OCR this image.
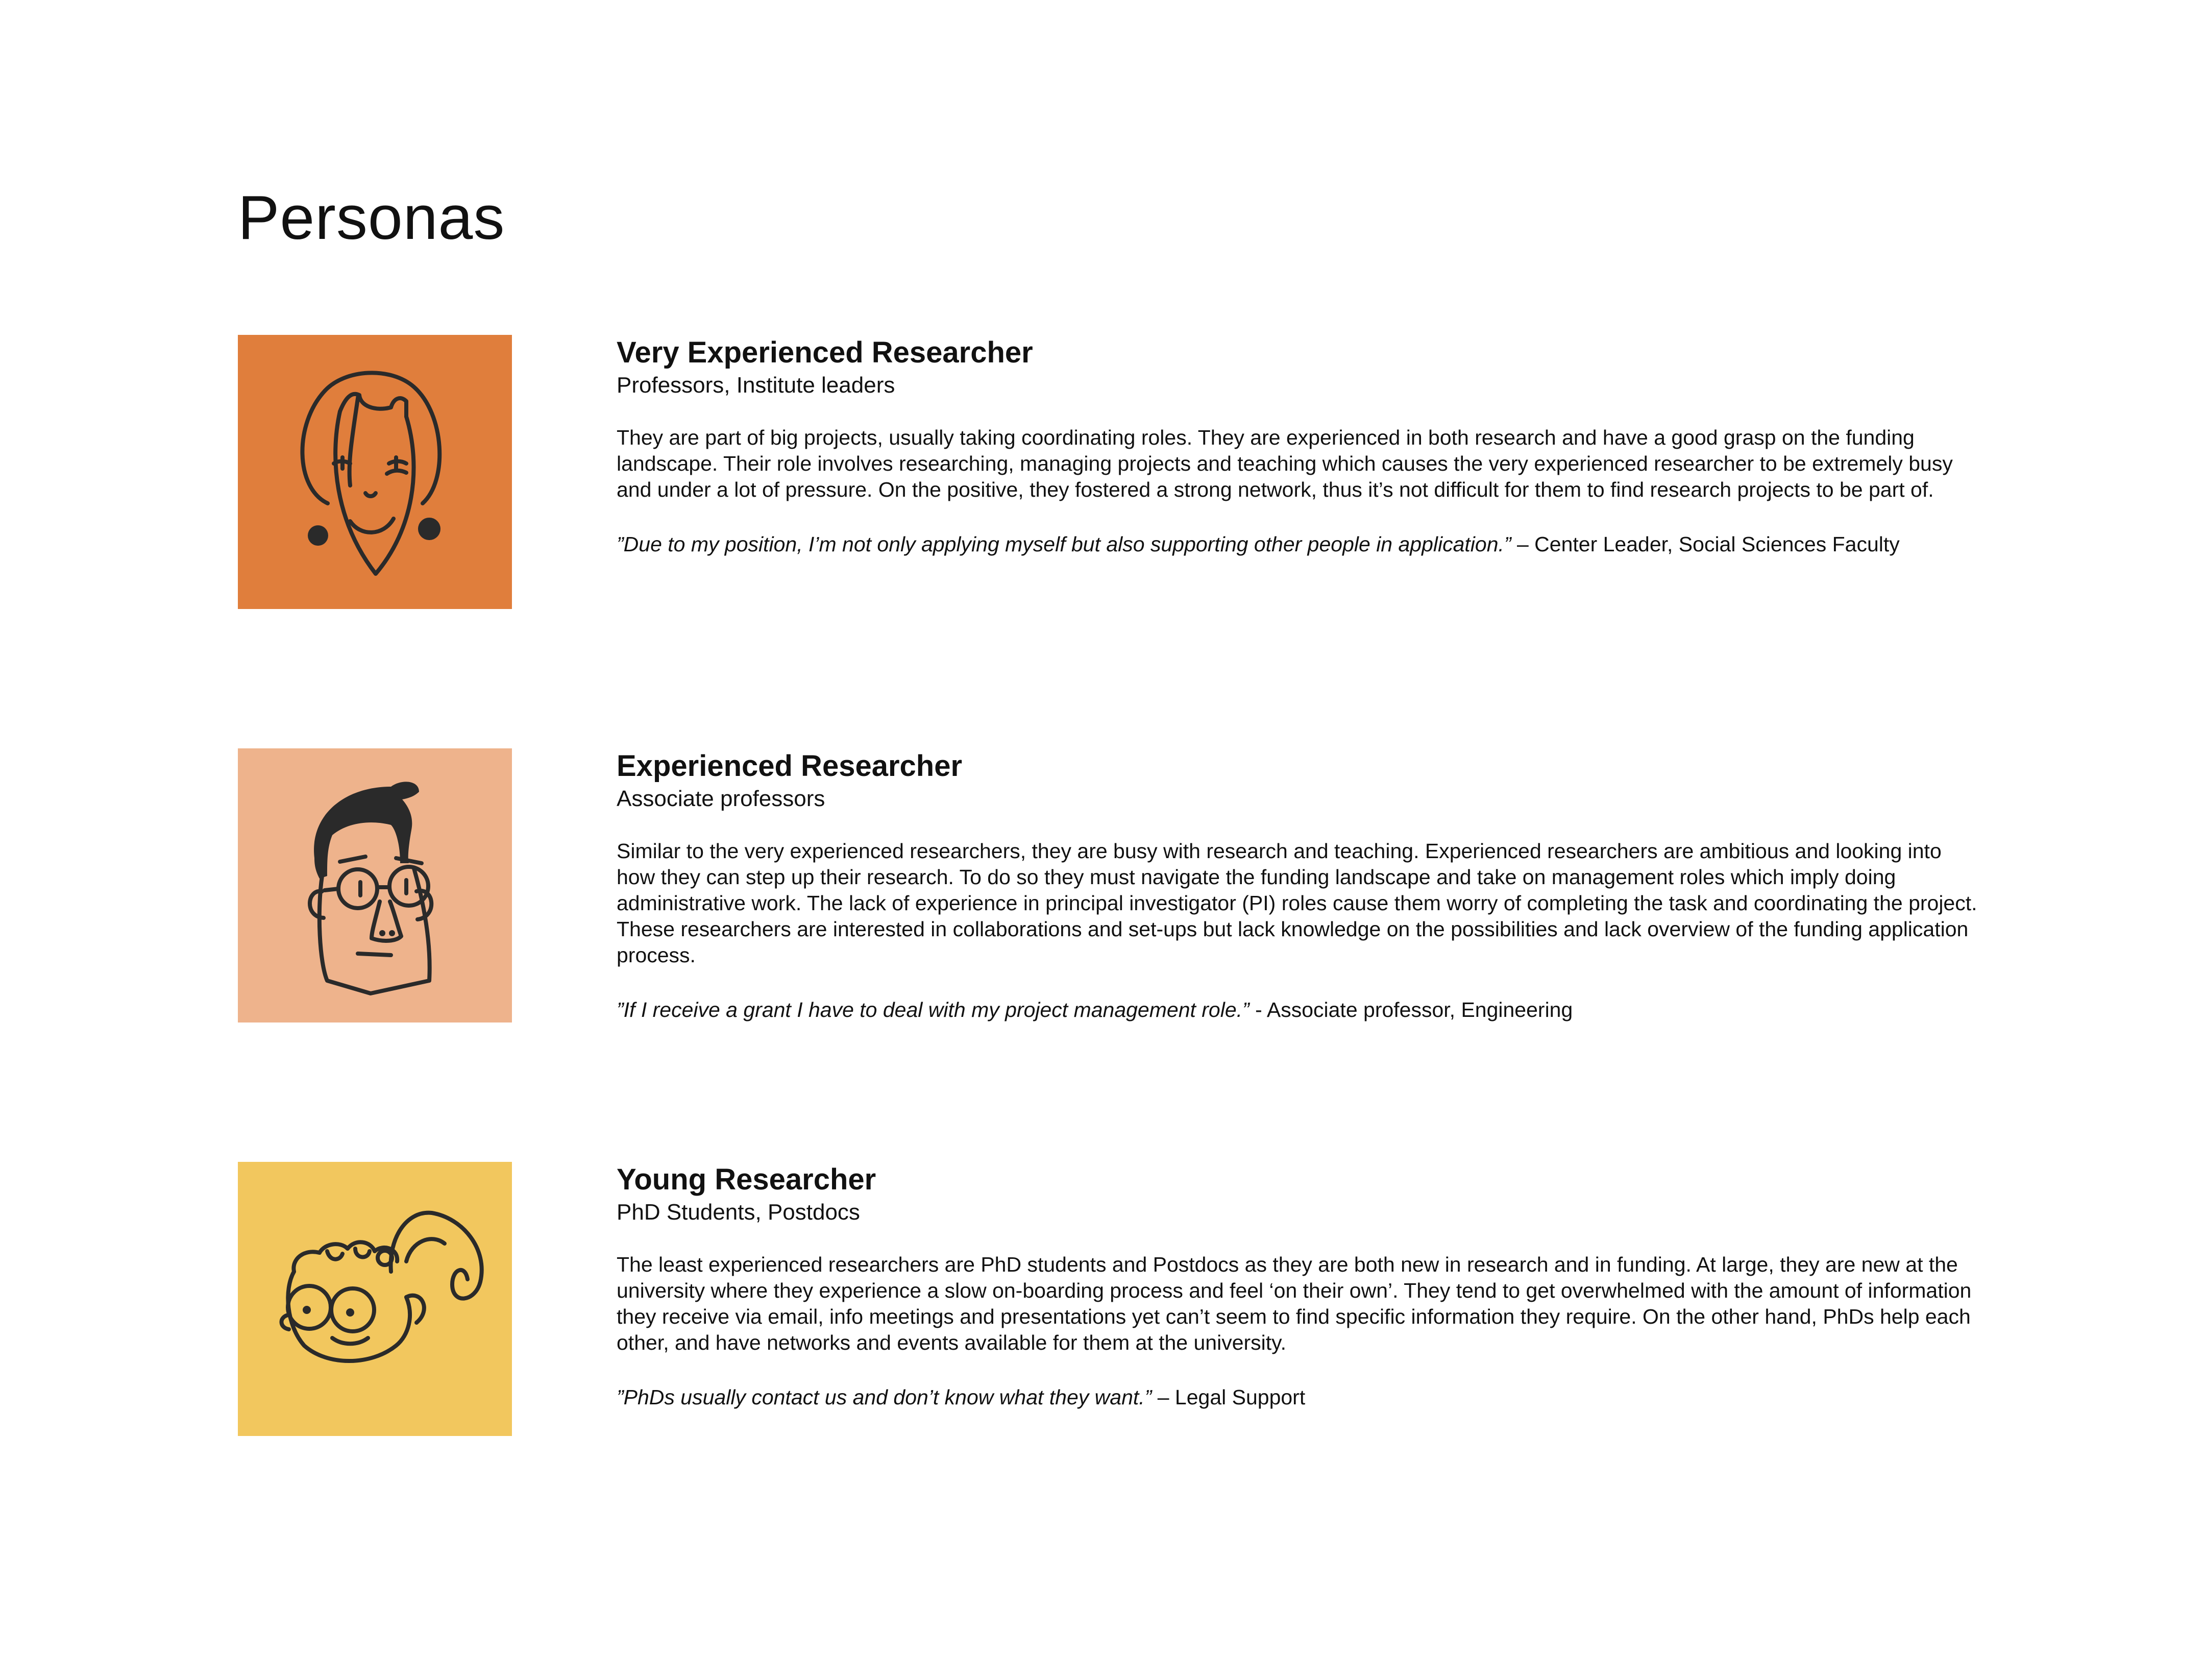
Personas
Very Experienced Researcher

Professors, Institute leaders

They are part of big projects, usually taking coordinating roles. They are experienced in both research and have a good grasp on the funding landscape. Their role involves researching, managing projects and teaching which causes the very experienced researcher to be extremely busy and under a lot of pressure. On the positive, they fostered a strong network, thus it’s not difficult for them to find research projects to be part of.

”Due to my position, I’m not only applying myself but also supporting other people in application.” – Center Leader, Social Sciences Faculty

Experienced Researcher

Associate professors

Similar to the very experienced researchers, they are busy with research and teaching. Experienced researchers are ambitious and looking into how they can step up their research. To do so they must navigate the funding landscape and take on management roles which imply doing administrative work. The lack of experience in principal investigator (PI) roles cause them worry of completing the task and coordinating the project. These researchers are interested in collaborations and set-ups but lack knowledge on the possibilities and lack overview of the funding application process.

”If I receive a grant I have to deal with my project management role.” - Associate professor, Engineering

Young Researcher

PhD Students, Postdocs

The least experienced researchers are PhD students and Postdocs as they are both new in research and in funding. At large, they are new at the university where they experience a slow on-boarding process and feel ‘on their own’. They tend to get overwhelmed with the amount of information they receive via email, info meetings and presentations yet can’t seem to find specific information they require. On the other hand, PhDs help each other, and have networks and events available for them at the university.

”PhDs usually contact us and don’t know what they want.” – Legal Support
